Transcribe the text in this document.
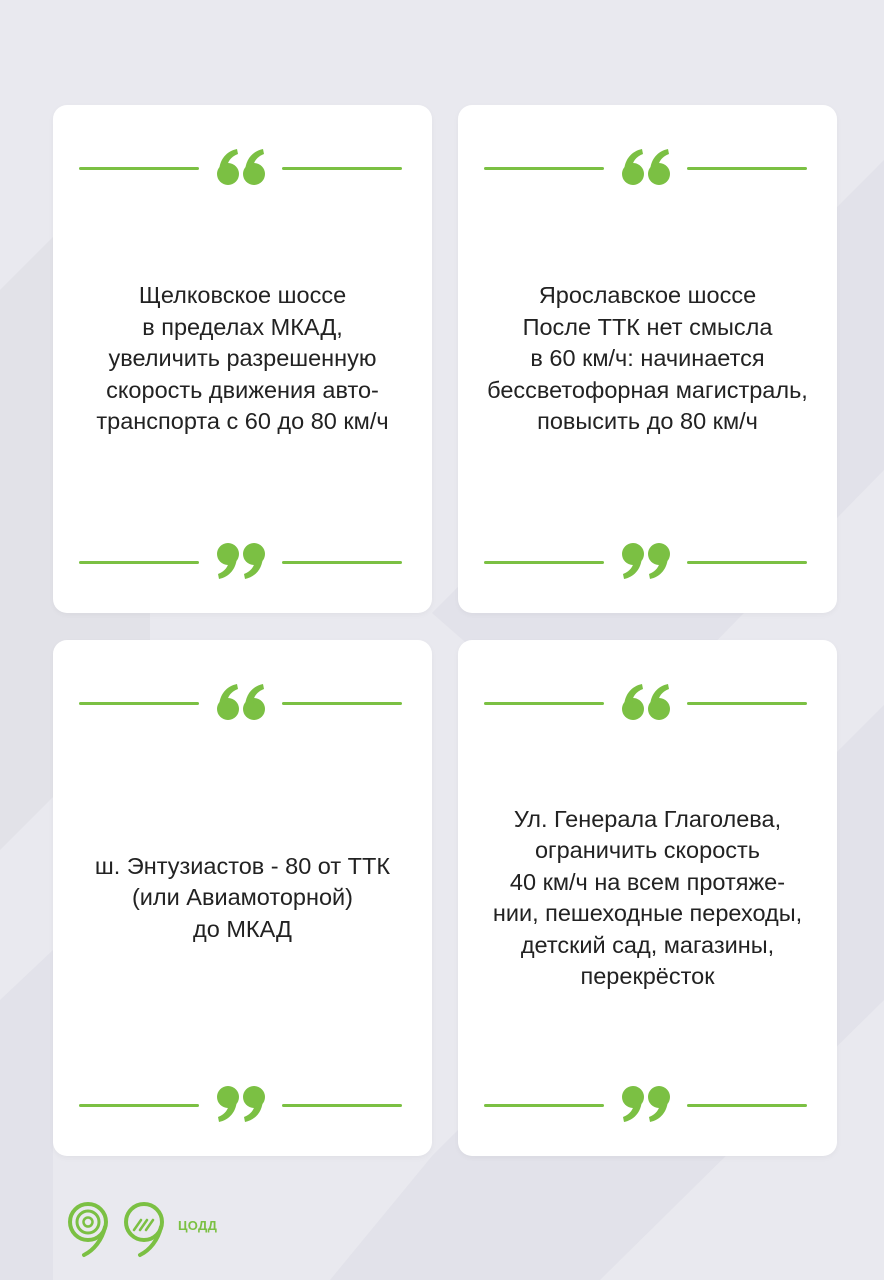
Щелковское шоссе
в пределах МКАД,
увеличить разрешенную
скорость движения авто-
транспорта с 60 до 80 км/ч
Ярославское шоссе
После ТТК нет смысла
в 60 км/ч: начинается
бессветофорная магистраль,
повысить до 80 км/ч
ш. Энтузиастов - 80 от ТТК
(или Авиамоторной)
до МКАД
Ул. Генерала Глаголева,
ограничить скорость
40 км/ч на всем протяже-
нии, пешеходные переходы,
детский сад, магазины,
перекрёсток
ЦОДД
